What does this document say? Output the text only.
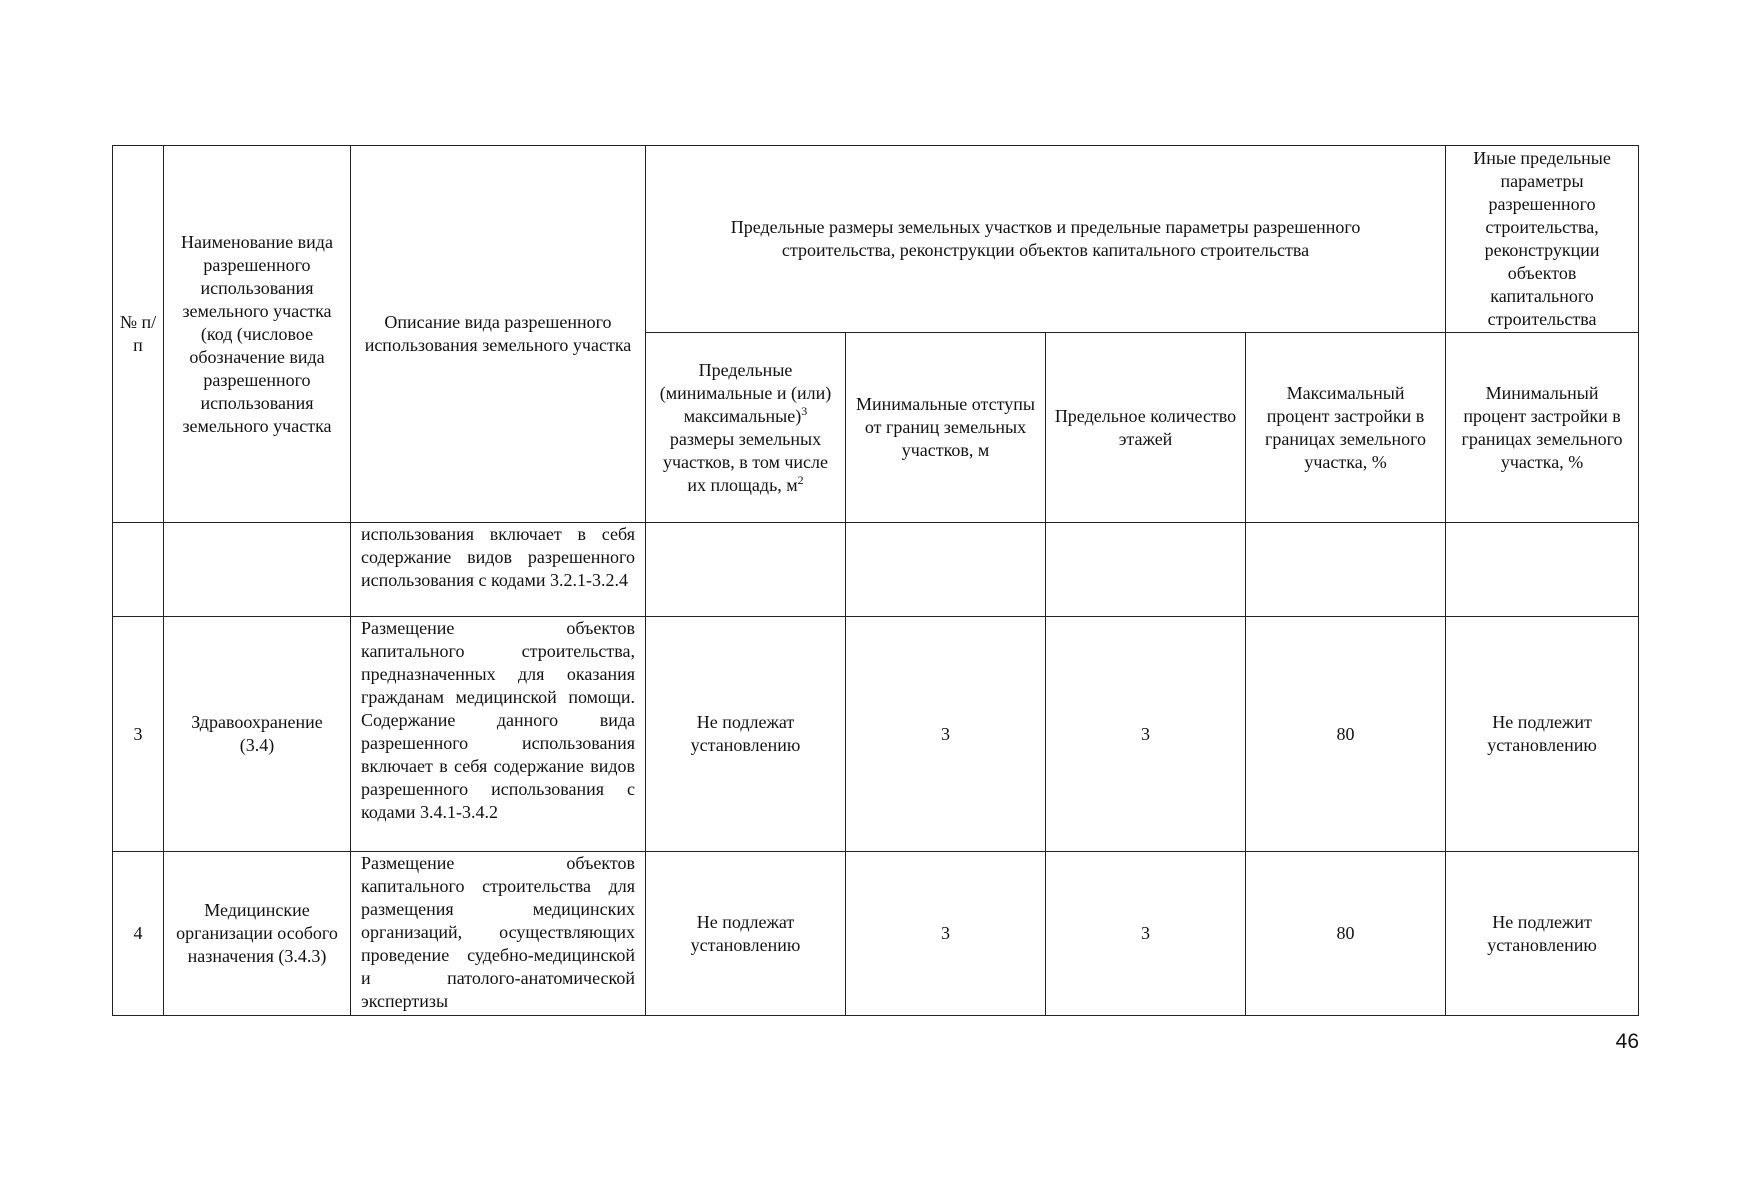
№ п/п	Наименование вида разрешенного использования земельного участка (код (числовое обозначение вида разрешенного использования земельного участка	Описание вида разрешенного использования земельного участка	Предельные размеры земельных участков и предельные параметры разрешенного строительства, реконструкции объектов капитального строительства				Иные предельные параметры разрешенного строительства, реконструкции объектов капитального строительства
			Предельные (минимальные и (или) максимальные)$^3$ размеры земельных участков, в том числе их площадь, $м^2$	Минимальные отступы от границ земельных участков, м	Предельное количество этажей	Максимальный процент застройки в границах земельного участка, %	Минимальный процент застройки в границах земельного участка, %
		использования включает в себя содержание видов разрешенного использования с кодами 3.2.1-3.2.4					
3	Здравоохранение (3.4)	Размещение объектов капитального строительства, предназначенных для оказания гражданам медицинской помощи. Содержание данного вида разрешенного использования включает в себя содержание видов разрешенного использования с кодами 3.4.1-3.4.2	Не подлежат установлению	3	3	80	Не подлежит установлению
4	Медицинские организации особого назначения (3.4.3)	Размещение объектов капитального строительства для размещения медицинских организаций, осуществляющих проведение судебно-медицинской и патолого-анатомической экспертизы	Не подлежат установлению	3	3	80	Не подлежит установлению
46
